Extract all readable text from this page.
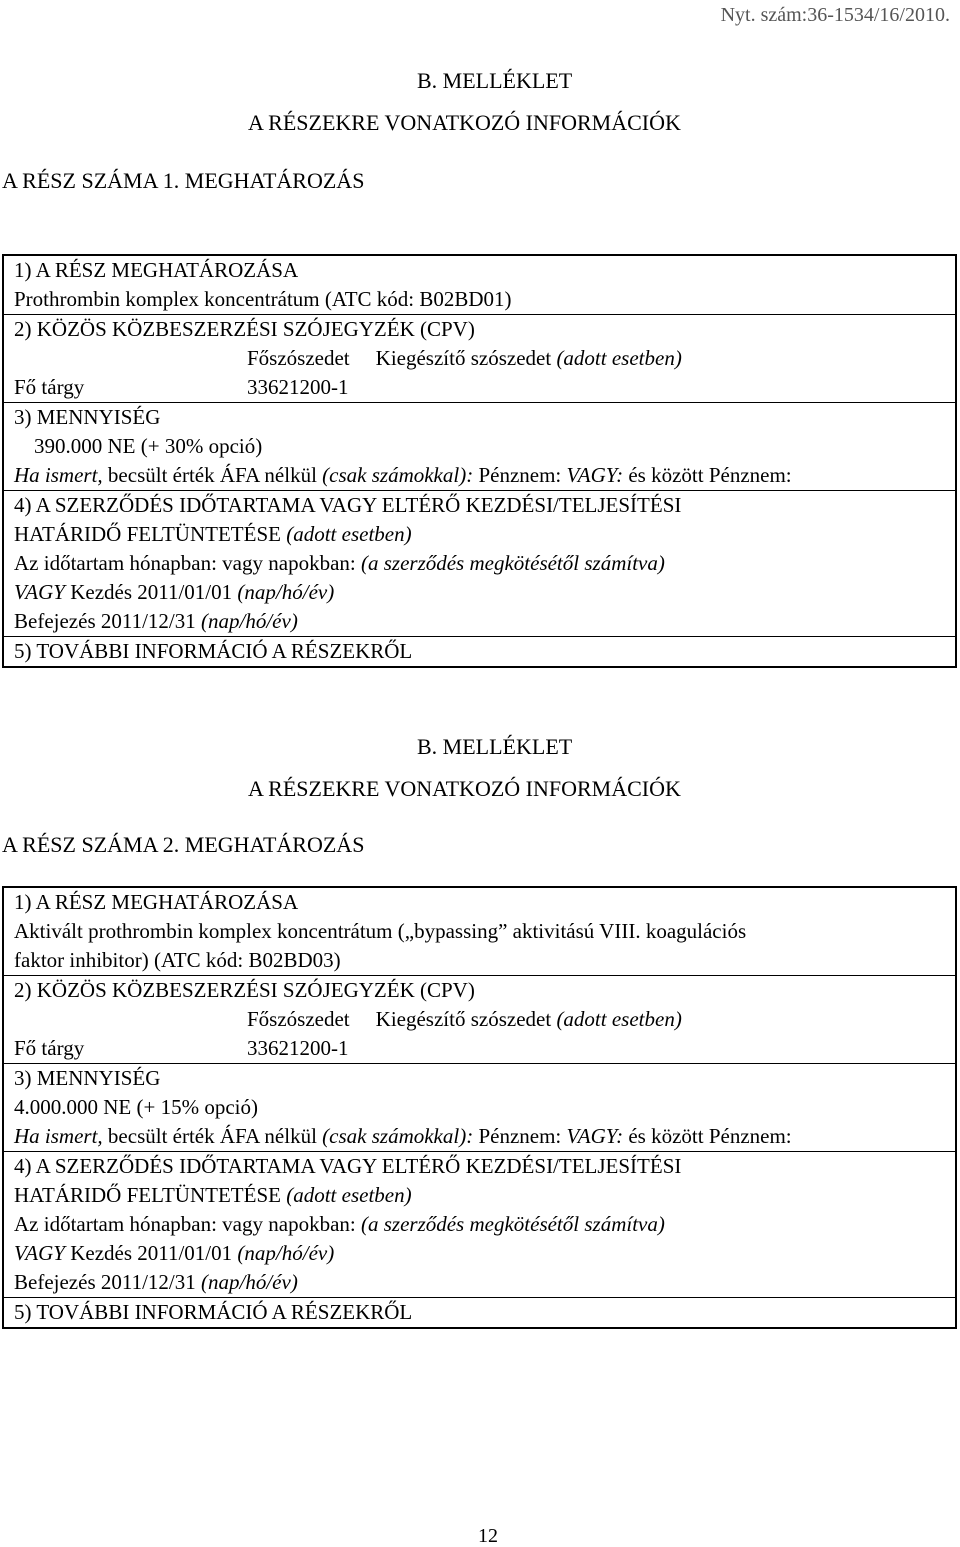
Nyt. szám:36-1534/16/2010.
B. MELLÉKLET
A RÉSZEKRE VONATKOZÓ INFORMÁCIÓK
A RÉSZ SZÁMA 1. MEGHATÁROZÁS
1) A RÉSZ MEGHATÁROZÁSA
Prothrombin komplex koncentrátum (ATC kód: B02BD01)
2) KÖZÖS KÖZBESZERZÉSI SZÓJEGYZÉK (CPV)
Főszószedet Kiegészítő szószedet (adott esetben)
Fő tárgy	33621200-1
3) MENNYISÉG
390.000 NE (+ 30% opció)
Ha ismert, becsült érték ÁFA nélkül (csak számokkal): Pénznem: VAGY: és között Pénznem:
4) A SZERZŐDÉS IDŐTARTAMA VAGY ELTÉRŐ KEZDÉSI/TELJESÍTÉSI
HATÁRIDŐ FELTÜNTETÉSE (adott esetben)
Az időtartam hónapban: vagy napokban: (a szerződés megkötésétől számítva)
VAGY Kezdés 2011/01/01 (nap/hó/év)
Befejezés 2011/12/31 (nap/hó/év)
5) TOVÁBBI INFORMÁCIÓ A RÉSZEKRŐL
B. MELLÉKLET
A RÉSZEKRE VONATKOZÓ INFORMÁCIÓK
A RÉSZ SZÁMA 2. MEGHATÁROZÁS
1) A RÉSZ MEGHATÁROZÁSA
Aktivált prothrombin komplex koncentrátum („bypassing” aktivitású VIII. koagulációs
faktor inhibitor) (ATC kód: B02BD03)
2) KÖZÖS KÖZBESZERZÉSI SZÓJEGYZÉK (CPV)
Főszószedet Kiegészítő szószedet (adott esetben)
Fő tárgy	33621200-1
3) MENNYISÉG
4.000.000 NE (+ 15% opció)
Ha ismert, becsült érték ÁFA nélkül (csak számokkal): Pénznem: VAGY: és között Pénznem:
4) A SZERZŐDÉS IDŐTARTAMA VAGY ELTÉRŐ KEZDÉSI/TELJESÍTÉSI
HATÁRIDŐ FELTÜNTETÉSE (adott esetben)
Az időtartam hónapban: vagy napokban: (a szerződés megkötésétől számítva)
VAGY Kezdés 2011/01/01 (nap/hó/év)
Befejezés 2011/12/31 (nap/hó/év)
5) TOVÁBBI INFORMÁCIÓ A RÉSZEKRŐL
12
